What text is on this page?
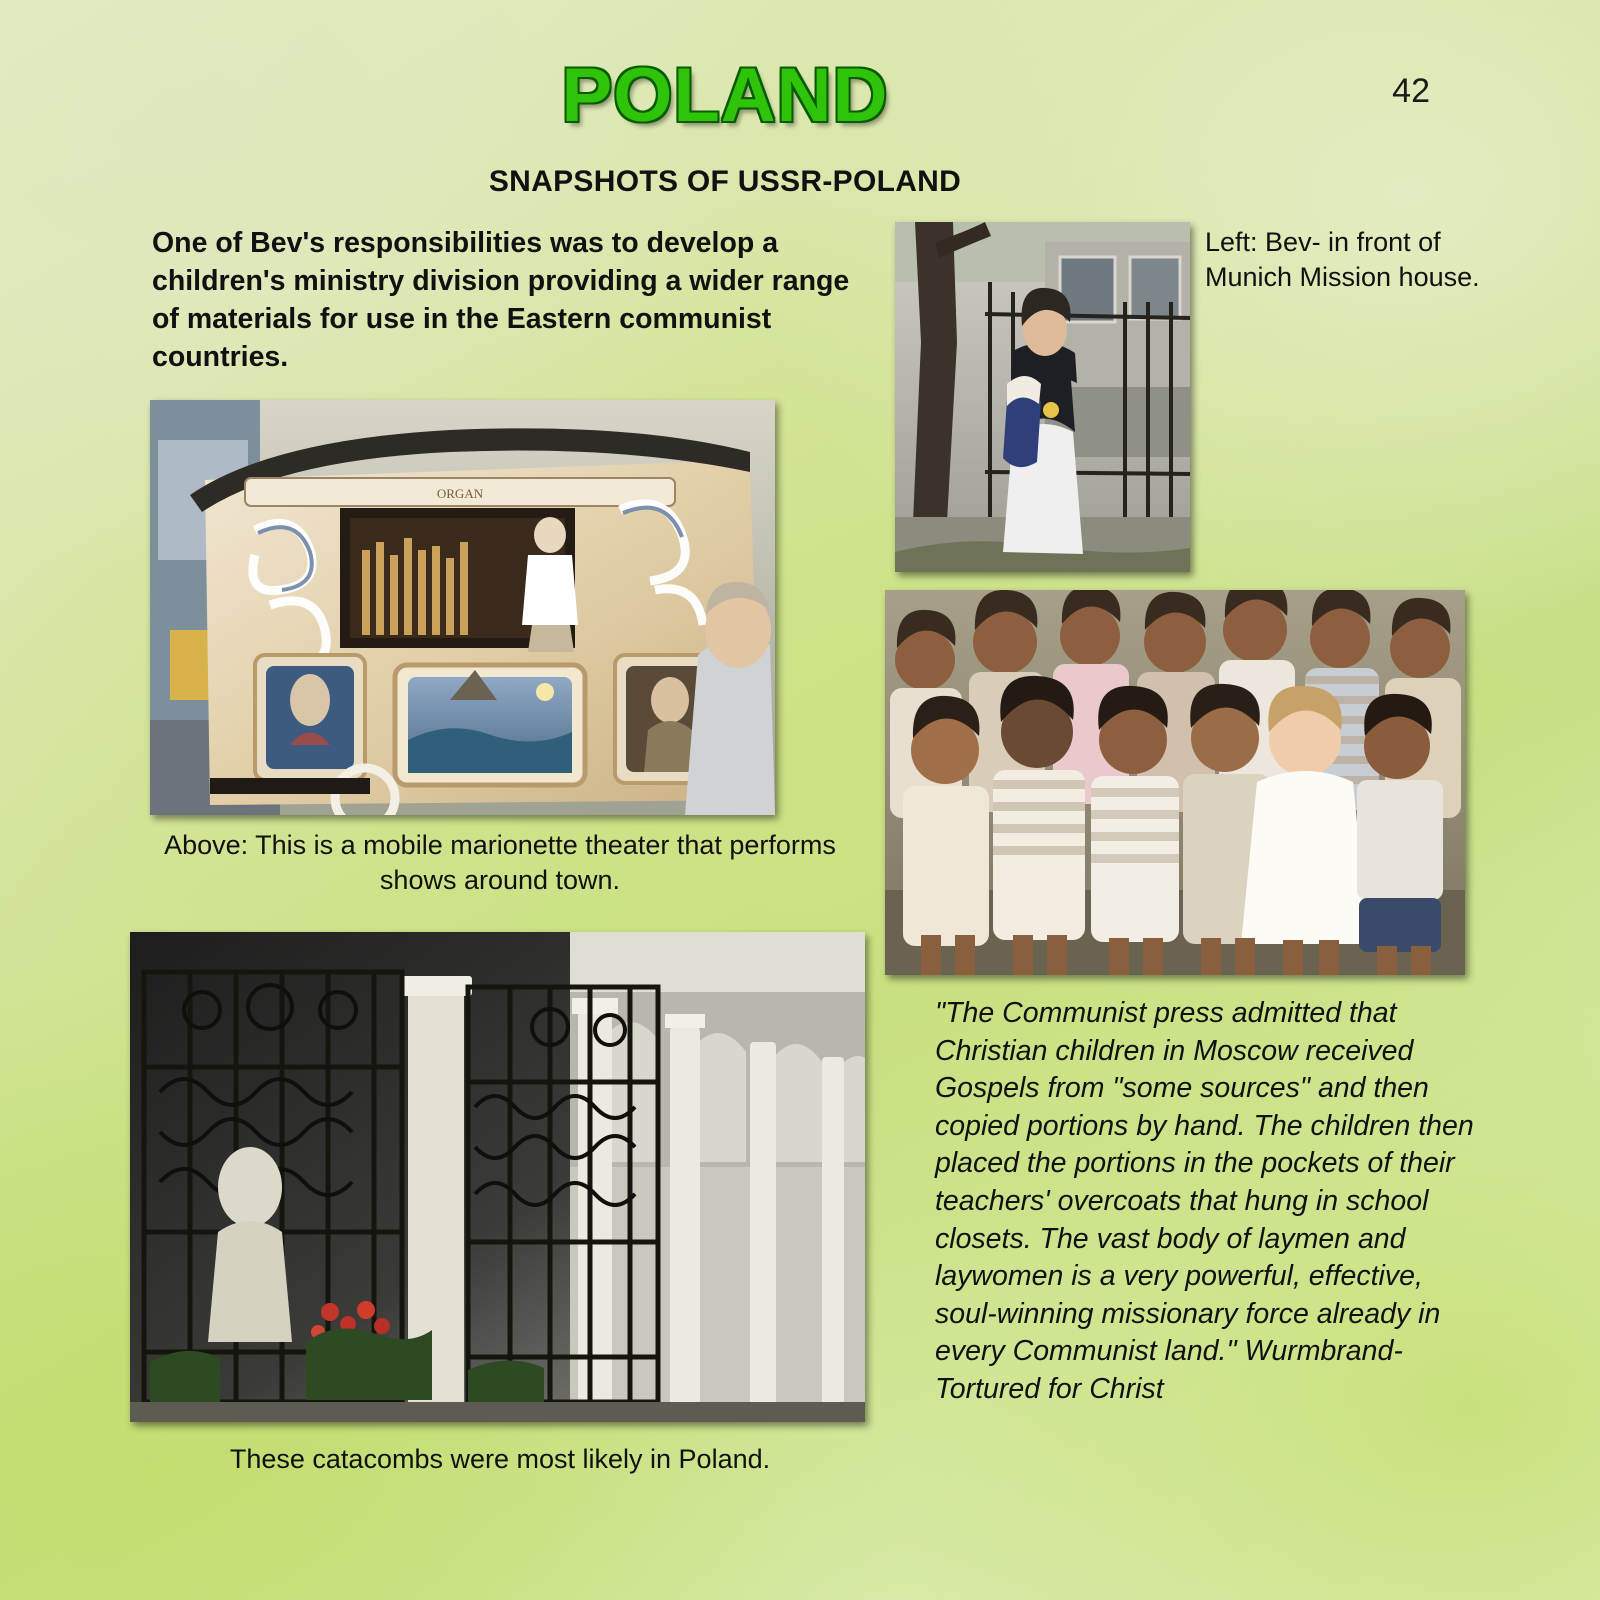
POLAND	42
SNAPSHOTS OF USSR-POLAND
One of Bev's responsibilities was to develop a children's ministry division providing a wider range of materials for use in the Eastern communist countries.
ORGAN
Above: This is a mobile marionette theater that performs shows around town.
Left: Bev- in front of Munich Mission house.
These catacombs were most likely in Poland.
"The Communist press admitted that Christian children in Moscow received Gospels from "some sources" and then copied portions by hand. The children then placed the portions in the pockets of their teachers' overcoats that hung in school closets. The vast body of laymen and laywomen is a very powerful, effective, soul-winning missionary force already in every Communist land." Wurmbrand- Tortured for Christ
